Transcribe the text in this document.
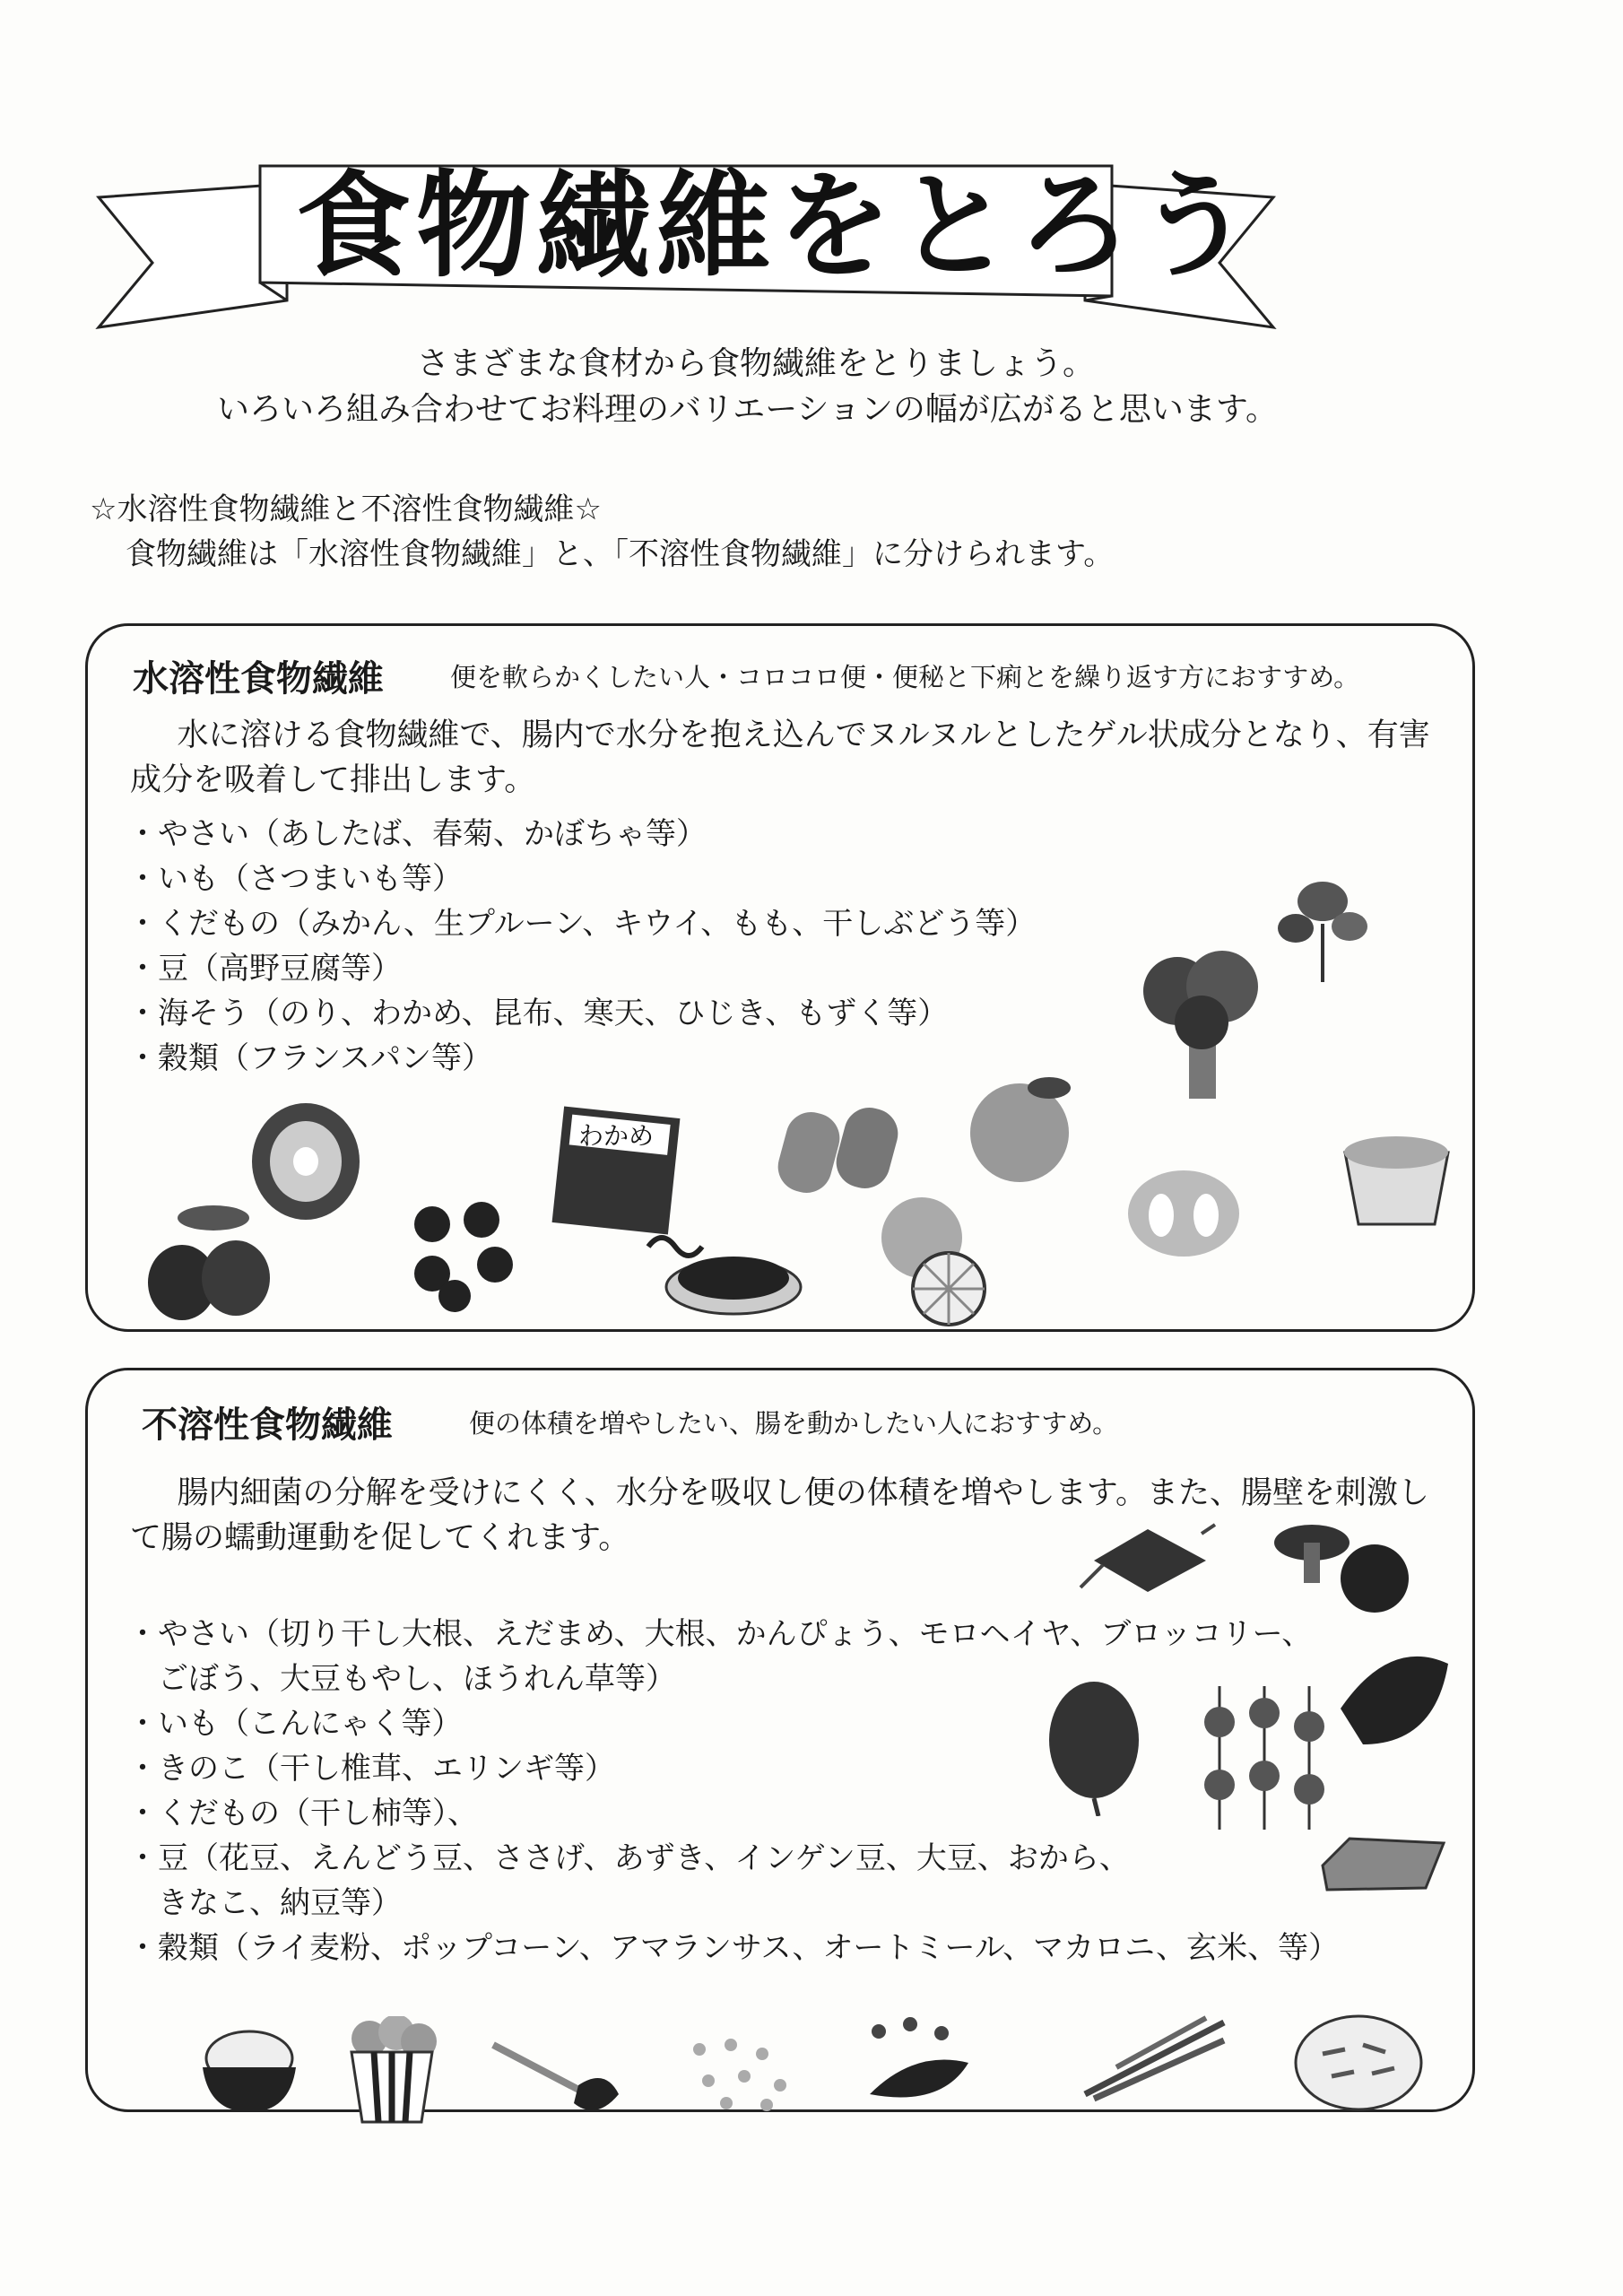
食物繊維をとろう
さまざまな食材から食物繊維をとりましょう。
いろいろ組み合わせてお料理のバリエーションの幅が広がると思います。
☆水溶性食物繊維と不溶性食物繊維☆
食物繊維は「水溶性食物繊維」と、「不溶性食物繊維」に分けられます。
水溶性食物繊維	便を軟らかくしたい人・コロコロ便・便秘と下痢とを繰り返す方におすすめ。
水に溶ける食物繊維で、腸内で水分を抱え込んでヌルヌルとしたゲル状成分となり、有害成分を吸着して排出します。
・やさい（あしたば、春菊、かぼちゃ等）
・いも（さつまいも等）
・くだもの（みかん、生プルーン、キウイ、もも、干しぶどう等）
・豆（高野豆腐等）
・海そう（のり、わかめ、昆布、寒天、ひじき、もずく等）
・穀類（フランスパン等）
わかめ
不溶性食物繊維	便の体積を増やしたい、腸を動かしたい人におすすめ。
腸内細菌の分解を受けにくく、水分を吸収し便の体積を増やします。また、腸壁を刺激して腸の蠕動運動を促してくれます。
・やさい（切り干し大根、えだまめ、大根、かんぴょう、モロヘイヤ、ブロッコリー、
　ごぼう、大豆もやし、ほうれん草等）
・いも（こんにゃく等）
・きのこ（干し椎茸、エリンギ等）
・くだもの（干し柿等）、
・豆（花豆、えんどう豆、ささげ、あずき、インゲン豆、大豆、おから、
　きなこ、納豆等）
・穀類（ライ麦粉、ポップコーン、アマランサス、オートミール、マカロニ、玄米、等）
